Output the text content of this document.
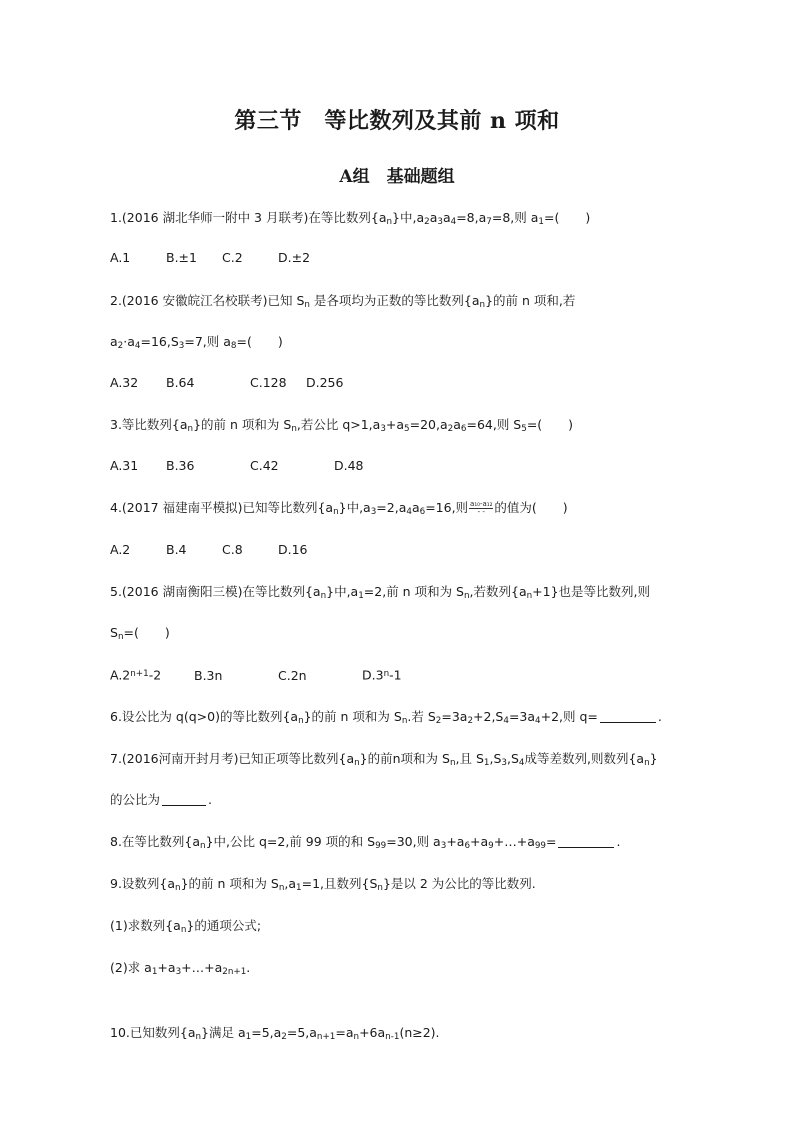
第三节　等比数列及其前 n 项和
A组　基础题组
1.(2016 湖北华师一附中 3 月联考)在等比数列$\{a_n\}$中$,a_2a_3a_4=8,a_7=8$,则 $a_1=$( )
A.1	B.±1 C.2	D.±2
2.(2016 安徽皖江名校联考)已知 $S_n$ 是各项均为正数的等比数列$\{a_n\}$的前 n 项和,若
$a_2\cdot a_4=16,S_3=7$,则 $a_8=$( )
A.32 B.64	C.128 D.256
3.等比数列$\{a_n\}$的前 n 项和为 $S_n$,若公比 $q>1,a_3+a_5=20,a_2a_6=64$,则 $S_5=$( )
A.31 B.36	C.42	D.48
4.(2017 福建南平模拟)已知等比数列$\{a_n\}$中$,a_3=2,a_4a_6=16$,则 $\frac{\text{a₁₀-a₁₂}}{- -}$ 的值为( )
A.2	B.4	C.8	D.16
5.(2016 湖南衡阳三模)在等比数列$\{a_n\}$中$,a_1=2$,前 n 项和为 $S_n$,若数列$\{a_n+1\}$也是等比数列,则
$S_n=$( )
$A.2^{n+1}-2$	B.3n	C.2n	D.3$^n$-1
6.设公比为 q(q>0)的等比数列$\{a_n\}$的前 n 项和为 $S_n$.若 $S_2=3a_2+2,S_4=3a_4+2$,则 q=	.
7.(2016河南开封月考)已知正项等比数列$\{a_n\}$的前n项和为 $S_n$,且 $S_1,S_3,S_4$成等差数列,则数列$\{a_n\}$
的公比为	.
8.在等比数列$\{a_n\}$中,公比 q=2,前 99 项的和 $S_{99}=30$,则 $a_3+a_6+a_9+\dots+a_{99}=$	.
9.设数列$\{a_n\}$的前 n 项和为 $S_n,a_1=1$,且数列$\{S_n\}$是以 2 为公比的等比数列.
(1)求数列$\{a_n\}$的通项公式;
(2)求 $a_1+a_3+\dots+a_{2n+1}$.
10.已知数列$\{a_n\}$满足 $a_1=5,a_2=5,a_{n+1}=a_n+6a_{n-1}(n\ge 2)$.
